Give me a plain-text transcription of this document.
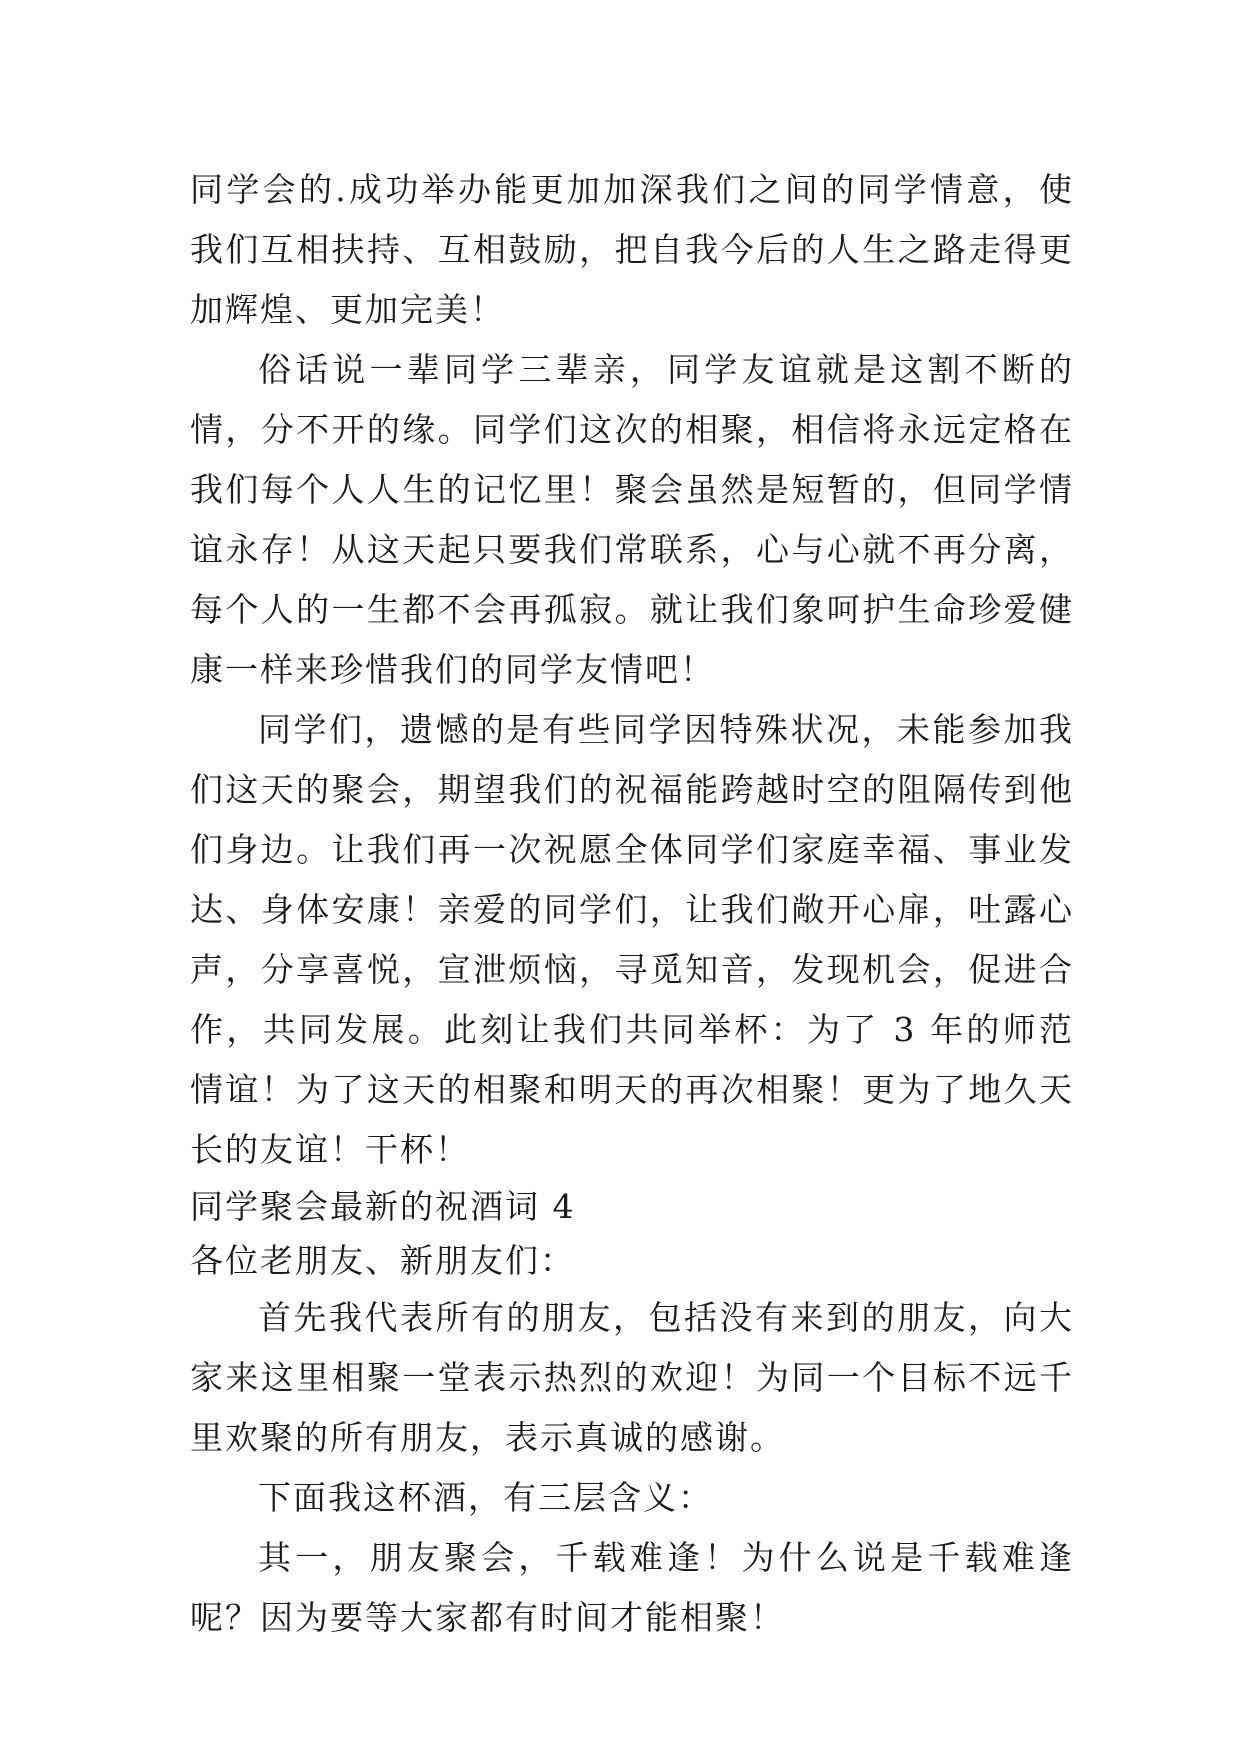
同学会的.成功举办能更加加深我们之间的同学情意，使我们互相扶持、互相鼓励，把自我今后的人生之路走得更加辉煌、更加完美！

俗话说一辈同学三辈亲，同学友谊就是这割不断的情，分不开的缘。同学们这次的相聚，相信将永远定格在我们每个人人生的记忆里！聚会虽然是短暂的，但同学情谊永存！从这天起只要我们常联系，心与心就不再分离，每个人的一生都不会再孤寂。就让我们象呵护生命珍爱健康一样来珍惜我们的同学友情吧！

同学们，遗憾的是有些同学因特殊状况，未能参加我们这天的聚会，期望我们的祝福能跨越时空的阻隔传到他们身边。让我们再一次祝愿全体同学们家庭幸福、事业发达、身体安康！亲爱的同学们，让我们敞开心扉，吐露心声，分享喜悦，宣泄烦恼，寻觅知音，发现机会，促进合作，共同发展。此刻让我们共同举杯：为了 3 年的师范情谊！为了这天的相聚和明天的再次相聚！更为了地久天长的友谊！干杯！

同学聚会最新的祝酒词 4

各位老朋友、新朋友们：

首先我代表所有的朋友，包括没有来到的朋友，向大家来这里相聚一堂表示热烈的欢迎！为同一个目标不远千里欢聚的所有朋友，表示真诚的感谢。

下面我这杯酒，有三层含义：

其一，朋友聚会，千载难逢！为什么说是千载难逢呢？因为要等大家都有时间才能相聚！
